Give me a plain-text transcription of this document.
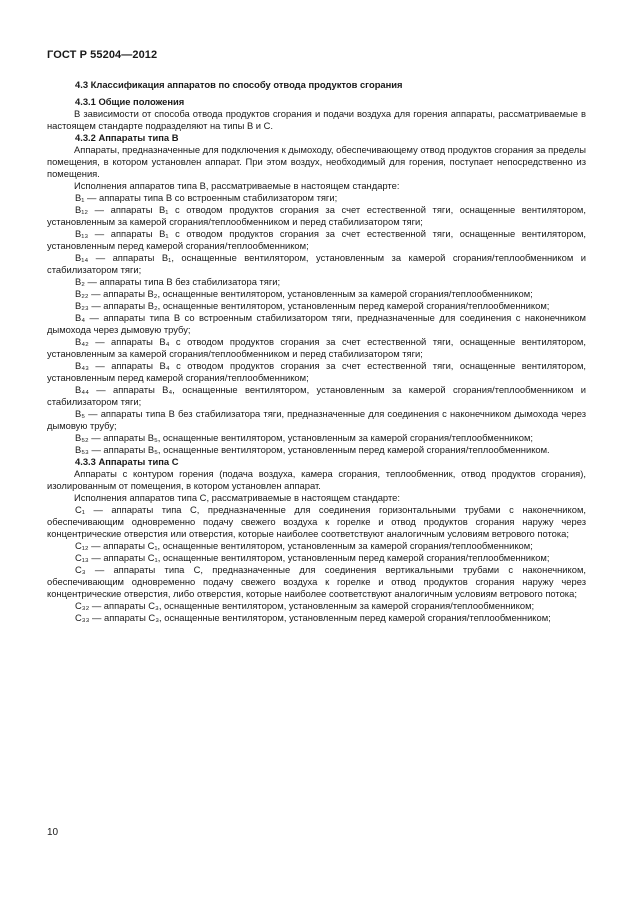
ГОСТ Р 55204—2012

4.3 Классификация аппаратов по способу отвода продуктов сгорания

4.3.1 Общие положения

В зависимости от способа отвода продуктов сгорания и подачи воздуха для горения аппараты, рассматриваемые в настоящем стандарте подразделяют на типы B и C.

4.3.2 Аппараты типа B

Аппараты, предназначенные для подключения к дымоходу, обеспечивающему отвод продуктов сгорания за пределы помещения, в котором установлен аппарат. При этом воздух, необходимый для горения, поступает непосредственно из помещения.

Исполнения аппаратов типа B, рассматриваемые в настоящем стандарте:

B₁ — аппараты типа B со встроенным стабилизатором тяги;

B₁₂ — аппараты B₁ с отводом продуктов сгорания за счет естественной тяги, оснащенные вентилятором, установленным за камерой сгорания/теплообменником и перед стабилизатором тяги;

B₁₃ — аппараты B₁ с отводом продуктов сгорания за счет естественной тяги, оснащенные вентилятором, установленным перед камерой сгорания/теплообменником;

B₁₄ — аппараты B₁, оснащенные вентилятором, установленным за камерой сгорания/теплообменником и стабилизатором тяги;

B₂ — аппараты типа B без стабилизатора тяги;

B₂₂ — аппараты B₂, оснащенные вентилятором, установленным за камерой сгорания/теплообменником;

B₂₃ — аппараты B₂, оснащенные вентилятором, установленным перед камерой сгорания/теплообменником;

B₄ — аппараты типа B со встроенным стабилизатором тяги, предназначенные для соединения с наконечником дымохода через дымовую трубу;

B₄₂ — аппараты B₄ с отводом продуктов сгорания за счет естественной тяги, оснащенные вентилятором, установленным за камерой сгорания/теплообменником и перед стабилизатором тяги;

B₄₃ — аппараты B₄ с отводом продуктов сгорания за счет естественной тяги, оснащенные вентилятором, установленным перед камерой сгорания/теплообменником;

B₄₄ — аппараты B₄, оснащенные вентилятором, установленным за камерой сгорания/теплообменником и стабилизатором тяги;

B₅ — аппараты типа B без стабилизатора тяги, предназначенные для соединения с наконечником дымохода через дымовую трубу;

B₅₂ — аппараты B₅, оснащенные вентилятором, установленным за камерой сгорания/теплообменником;

B₅₃ — аппараты B₅, оснащенные вентилятором, установленным перед камерой сгорания/теплообменником.

4.3.3 Аппараты типа C

Аппараты с контуром горения (подача воздуха, камера сгорания, теплообменник, отвод продуктов сгорания), изолированным от помещения, в котором установлен аппарат.

Исполнения аппаратов типа C, рассматриваемые в настоящем стандарте:

C₁ — аппараты типа C, предназначенные для соединения горизонтальными трубами с наконечником, обеспечивающим одновременно подачу свежего воздуха к горелке и отвод продуктов сгорания наружу через концентрические отверстия или отверстия, которые наиболее соответствуют аналогичным условиям ветрового потока;

C₁₂ — аппараты C₁, оснащенные вентилятором, установленным за камерой сгорания/теплообменником;

C₁₃ — аппараты C₁, оснащенные вентилятором, установленным перед камерой сгорания/теплообменником;

C₃ — аппараты типа C, предназначенные для соединения вертикальными трубами с наконечником, обеспечивающим одновременно подачу свежего воздуха к горелке и отвод продуктов сгорания наружу через концентрические отверстия, либо отверстия, которые наиболее соответствуют аналогичным условиям ветрового потока;

C₃₂ — аппараты C₃, оснащенные вентилятором, установленным за камерой сгорания/теплообменником;

C₃₃ — аппараты C₃, оснащенные вентилятором, установленным перед камерой сгорания/теплообменником;

10
